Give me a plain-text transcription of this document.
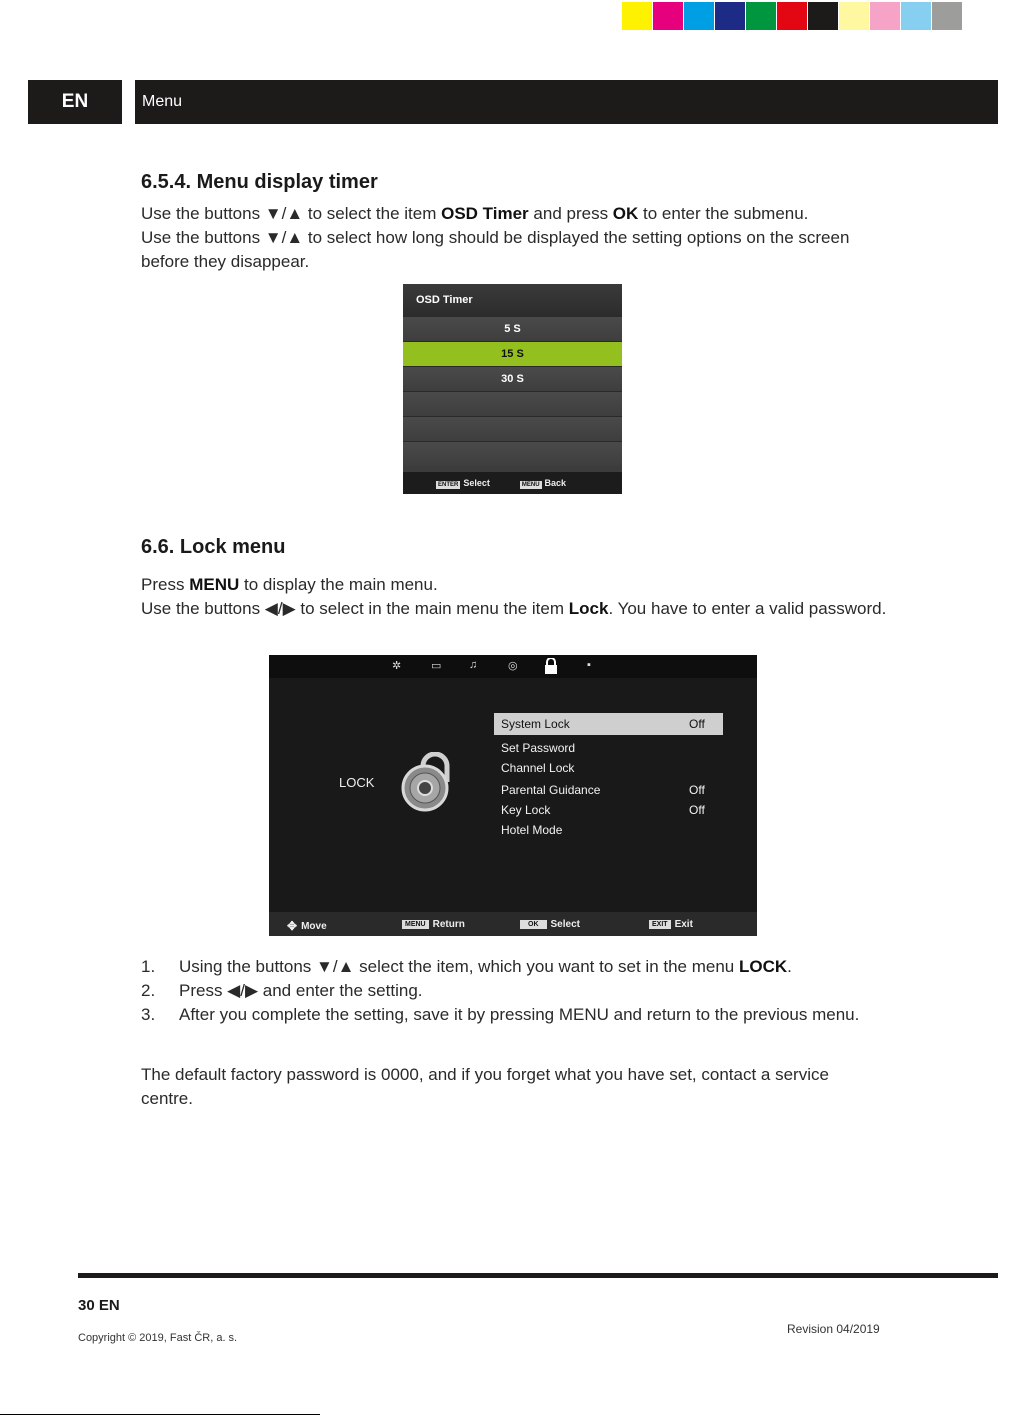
EN	Menu
6.5.4. Menu display timer

Use the buttons ▼/▲ to select the item OSD Timer and press OK to enter the submenu.

Use the buttons ▼/▲ to select how long should be displayed the setting options on the screen before they disappear.

OSD Timer
5 S
15 S
30 S
ENTER Select	MENU Back
6.6. Lock menu

Press MENU to display the main menu.

Use the buttons ◀/▶ to select in the main menu the item Lock. You have to enter a valid password.

✲	▭	♫	◎	▪
LOCK
System Lock	Off
Set Password
Channel Lock
Parental Guidance	Off
Key Lock	Off
Hotel Mode
✥ Move	MENU Return	OK	Select	EXIT Exit
1. Using the buttons ▼/▲ select the item, which you want to set in the menu LOCK.
2. Press ◀/▶ and enter the setting.
3. After you complete the setting, save it by pressing MENU and return to the previous menu.

The default factory password is 0000, and if you forget what you have set, contact a service centre.

30 EN
Copyright © 2019, Fast ČR, a. s.
Revision 04/2019
